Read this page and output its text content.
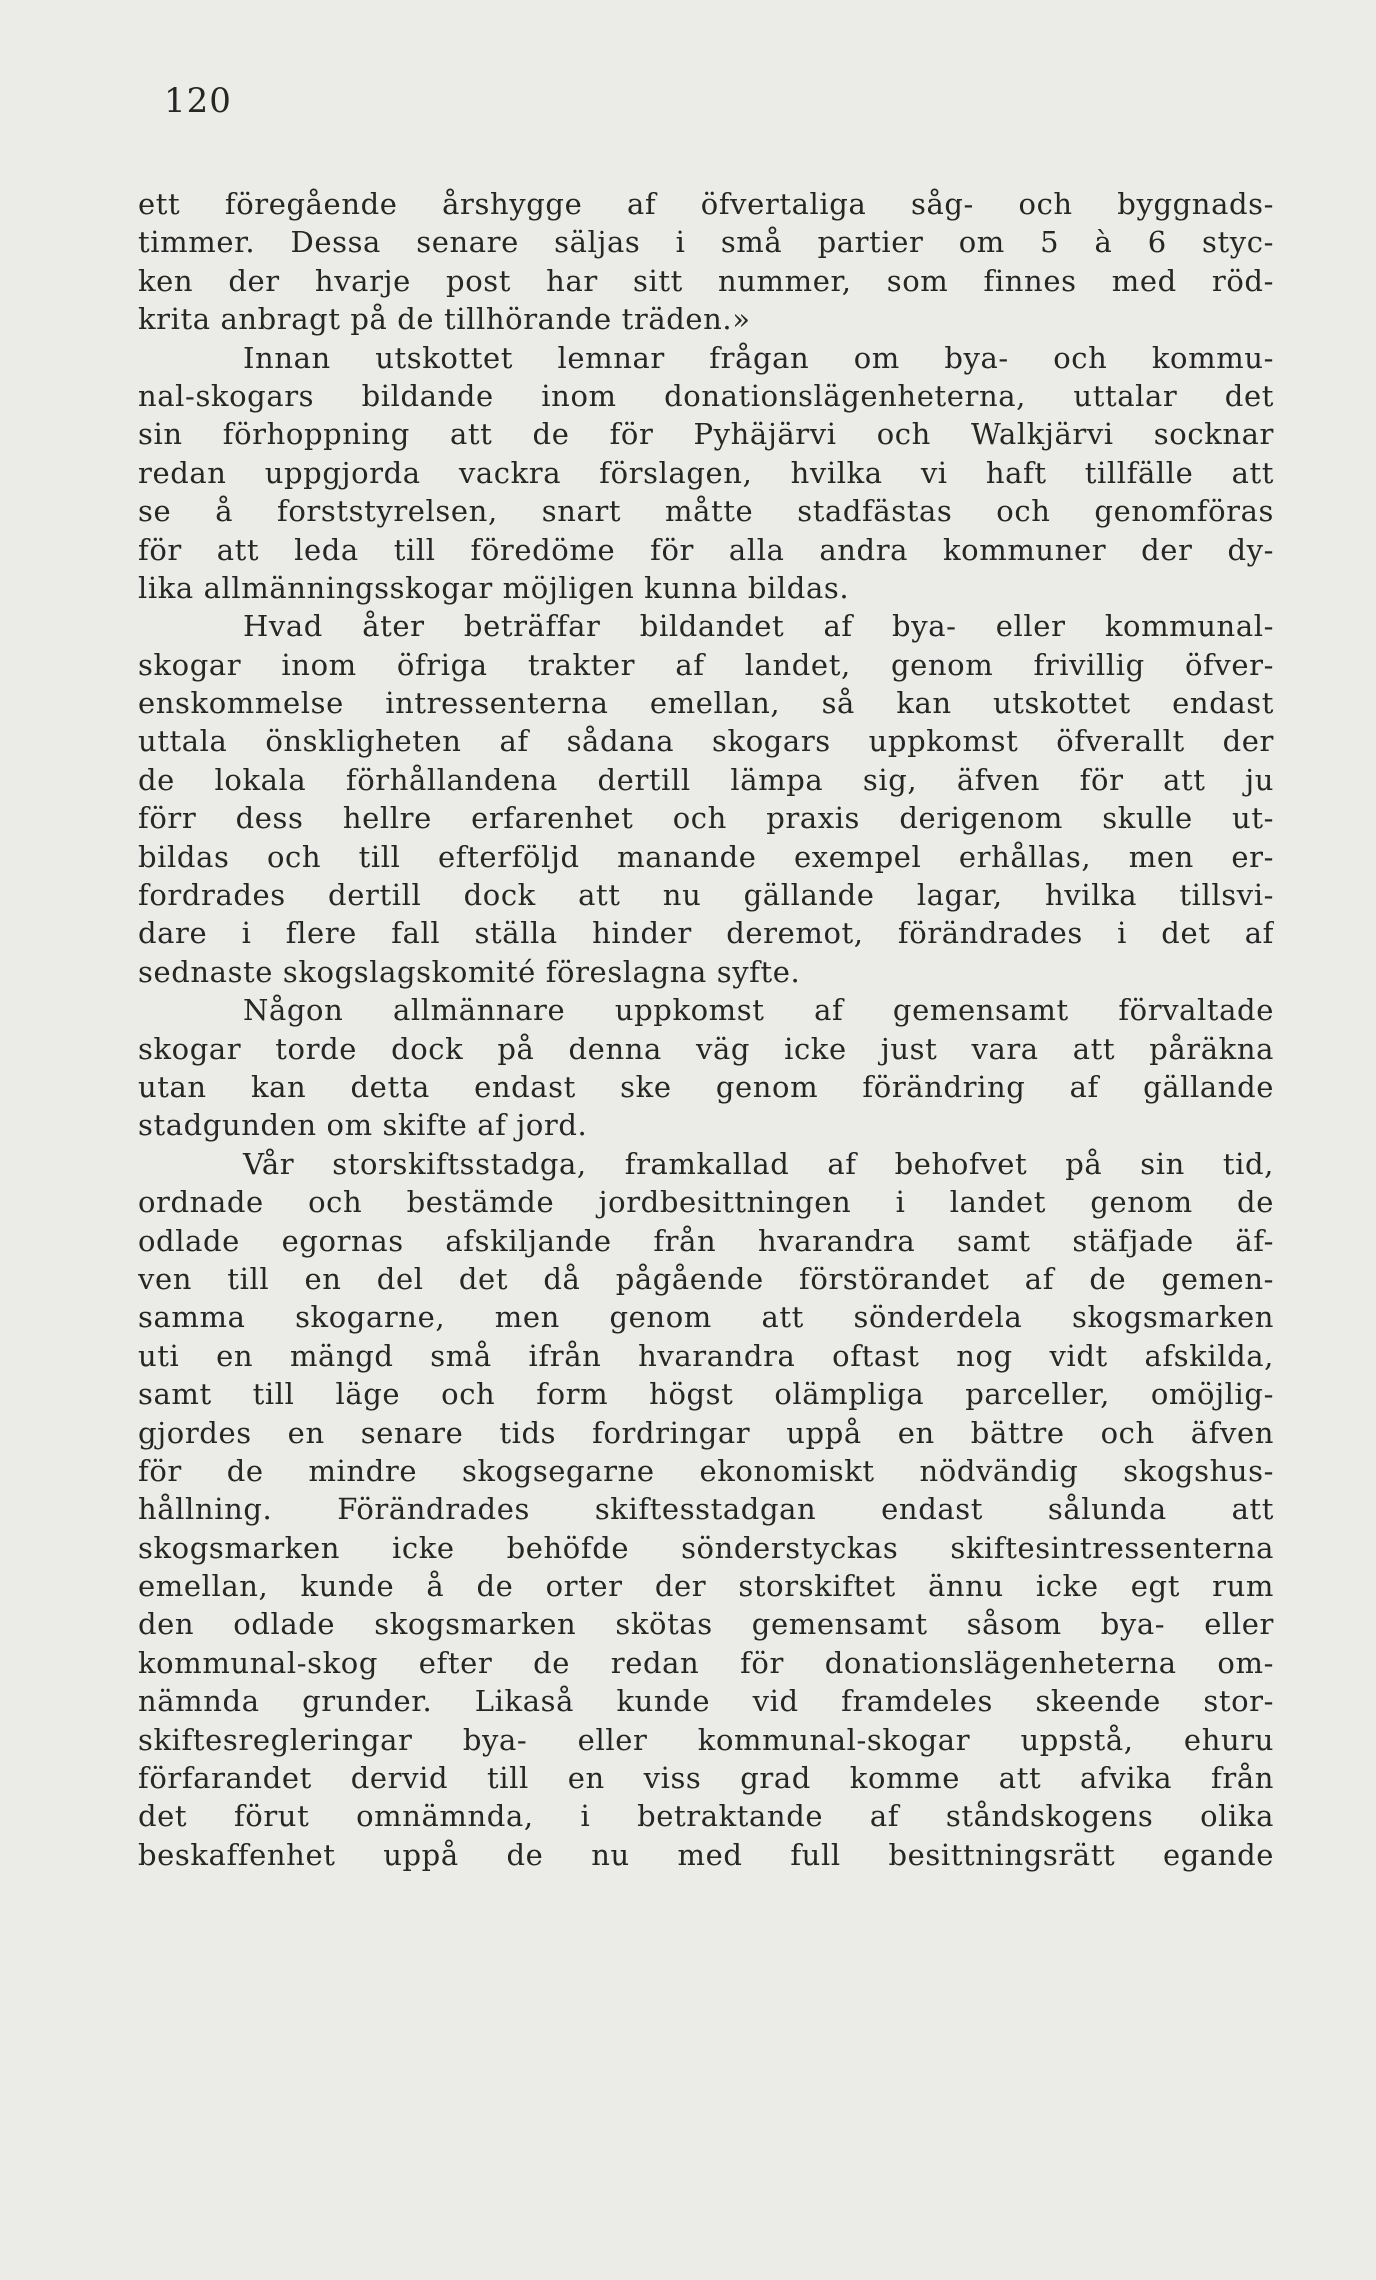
120
ett föregående årshygge af öfvertaliga såg- och byggnads-
timmer. Dessa senare säljas i små partier om 5 à 6 styc-
ken der hvarje post har sitt nummer, som finnes med röd-
krita anbragt på de tillhörande träden.»
Innan utskottet lemnar frågan om bya- och kommu-
nal-skogars bildande inom donationslägenheterna, uttalar det
sin förhoppning att de för Pyhäjärvi och Walkjärvi socknar
redan uppgjorda vackra förslagen, hvilka vi haft tillfälle att
se å forststyrelsen, snart måtte stadfästas och genomföras
för att leda till föredöme för alla andra kommuner der dy-
lika allmänningsskogar möjligen kunna bildas.
Hvad åter beträffar bildandet af bya- eller kommunal-
skogar inom öfriga trakter af landet, genom frivillig öfver-
enskommelse intressenterna emellan, så kan utskottet endast
uttala önskligheten af sådana skogars uppkomst öfverallt der
de lokala förhållandena dertill lämpa sig, äfven för att ju
förr dess hellre erfarenhet och praxis derigenom skulle ut-
bildas och till efterföljd manande exempel erhållas, men er-
fordrades dertill dock att nu gällande lagar, hvilka tillsvi-
dare i flere fall ställa hinder deremot, förändrades i det af
sednaste skogslagskomité föreslagna syfte.
Någon allmännare uppkomst af gemensamt förvaltade
skogar torde dock på denna väg icke just vara att påräkna
utan kan detta endast ske genom förändring af gällande
stadgunden om skifte af jord.
Vår storskiftsstadga, framkallad af behofvet på sin tid,
ordnade och bestämde jordbesittningen i landet genom de
odlade egornas afskiljande från hvarandra samt stäfjade äf-
ven till en del det då pågående förstörandet af de gemen-
samma skogarne, men genom att sönderdela skogsmarken
uti en mängd små ifrån hvarandra oftast nog vidt afskilda,
samt till läge och form högst olämpliga parceller, omöjlig-
gjordes en senare tids fordringar uppå en bättre och äfven
för de mindre skogsegarne ekonomiskt nödvändig skogshus-
hållning. Förändrades skiftesstadgan endast sålunda att
skogsmarken icke behöfde sönderstyckas skiftesintressenterna
emellan, kunde å de orter der storskiftet ännu icke egt rum
den odlade skogsmarken skötas gemensamt såsom bya- eller
kommunal-skog efter de redan för donationslägenheterna om-
nämnda grunder. Likaså kunde vid framdeles skeende stor-
skiftesregleringar bya- eller kommunal-skogar uppstå, ehuru
förfarandet dervid till en viss grad komme att afvika från
det förut omnämnda, i betraktande af ståndskogens olika
beskaffenhet uppå de nu med full besittningsrätt egande
